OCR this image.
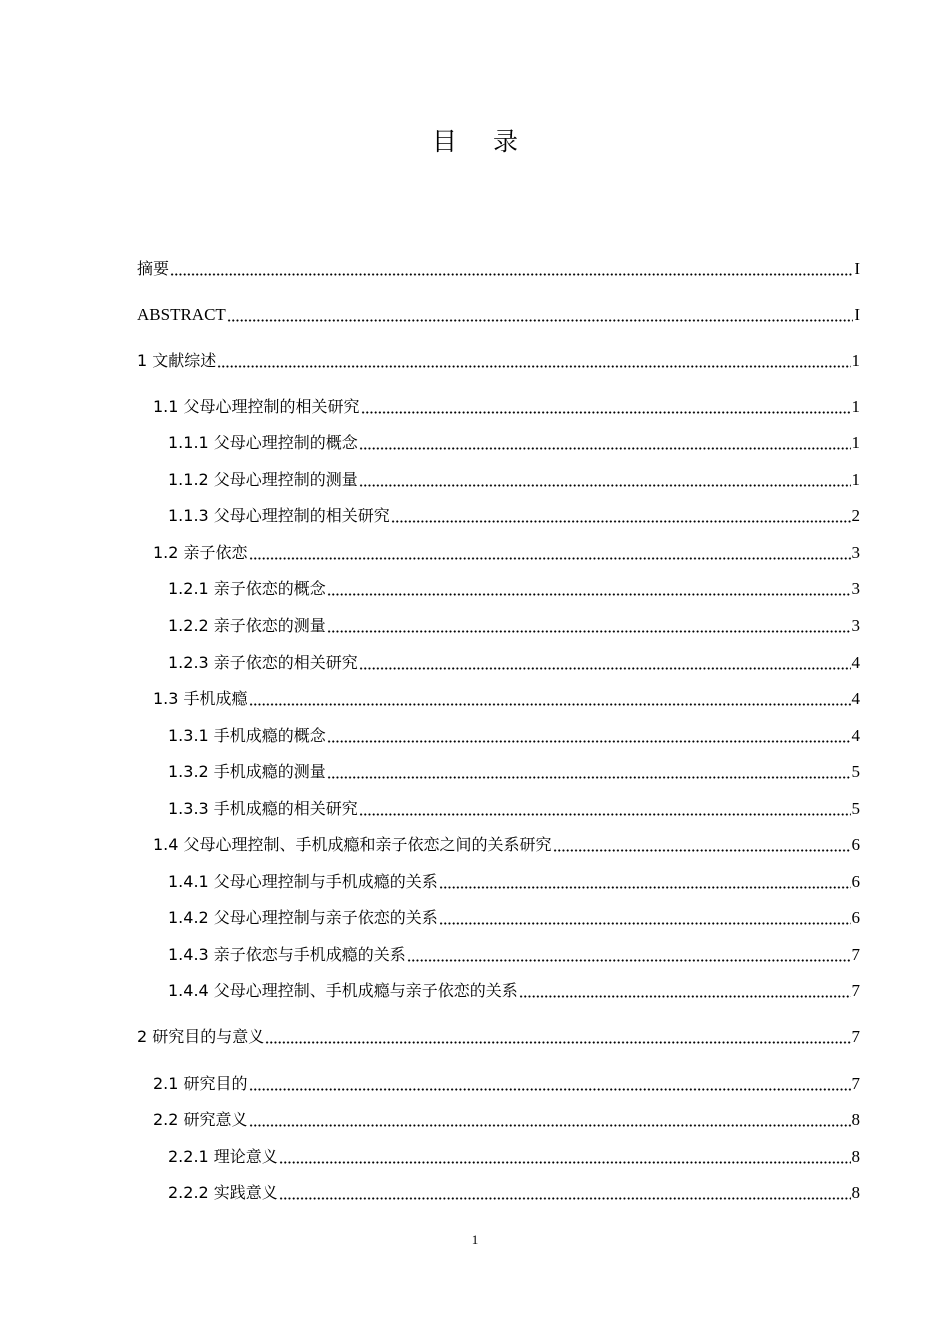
目 录
摘要	I
ABSTRACT	I
1 文献综述	1
1.1 父母心理控制的相关研究	1
1.1.1 父母心理控制的概念	1
1.1.2 父母心理控制的测量	1
1.1.3 父母心理控制的相关研究	2
1.2 亲子依恋	3
1.2.1 亲子依恋的概念	3
1.2.2 亲子依恋的测量	3
1.2.3 亲子依恋的相关研究	4
1.3 手机成瘾	4
1.3.1 手机成瘾的概念	4
1.3.2 手机成瘾的测量	5
1.3.3 手机成瘾的相关研究	5
1.4 父母心理控制、手机成瘾和亲子依恋之间的关系研究	6
1.4.1 父母心理控制与手机成瘾的关系	6
1.4.2 父母心理控制与亲子依恋的关系	6
1.4.3 亲子依恋与手机成瘾的关系	7
1.4.4 父母心理控制、手机成瘾与亲子依恋的关系	7
2 研究目的与意义	7
2.1 研究目的	7
2.2 研究意义	8
2.2.1 理论意义	8
2.2.2 实践意义	8
1
